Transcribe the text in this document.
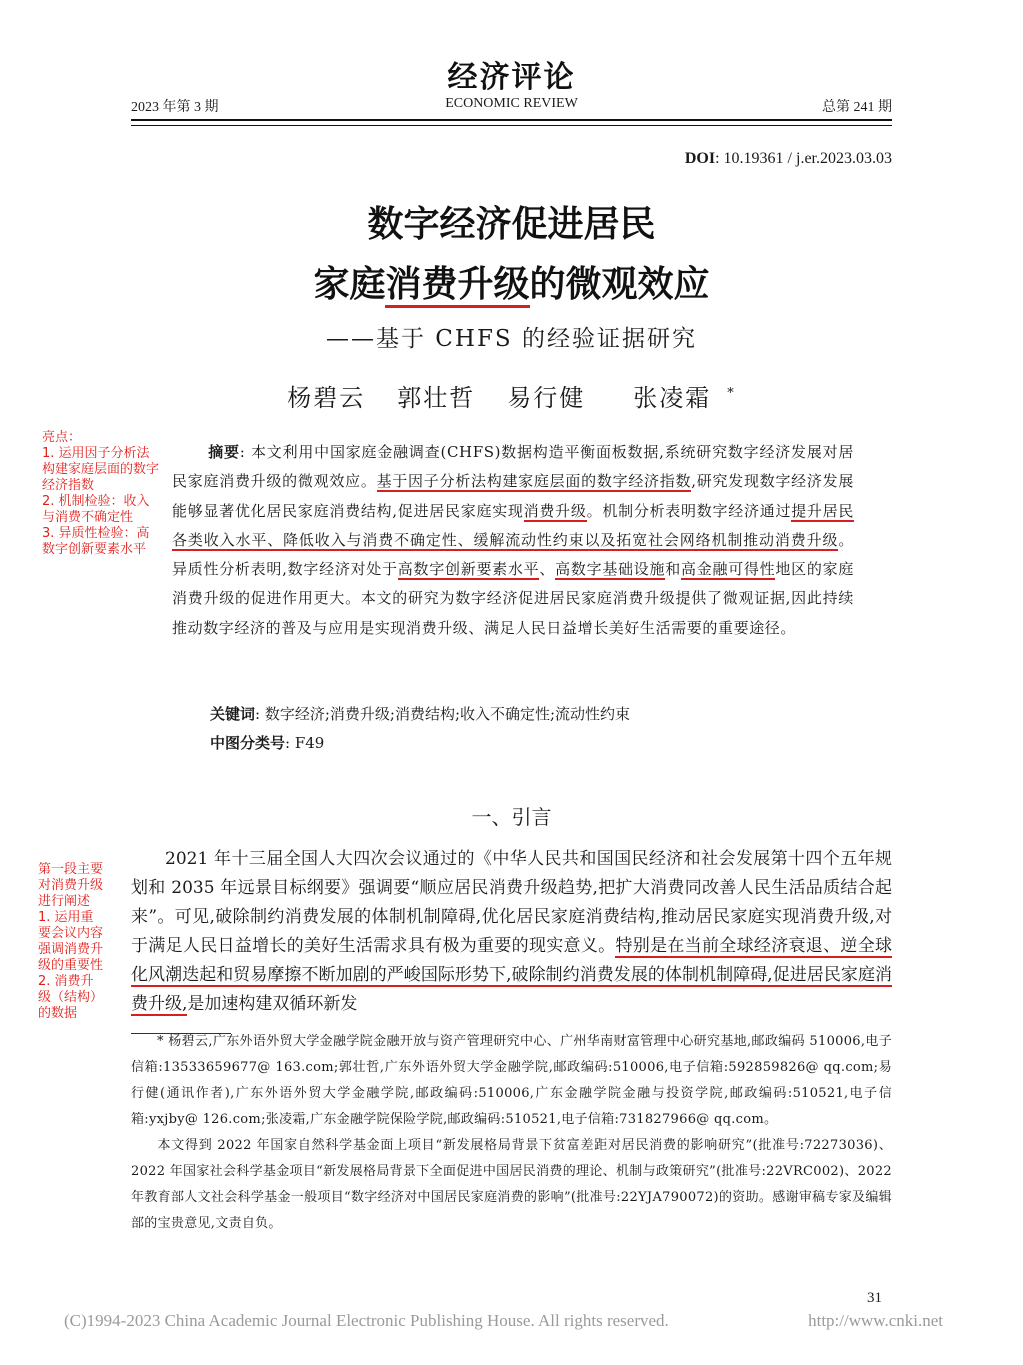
经济评论
2023 年第 3 期	ECONOMIC REVIEW	总第 241 期
DOI: 10.19361 / j.er.2023.03.03
数字经济促进居民
家庭消费升级的微观效应
——基于 CHFS 的经验证据研究
杨碧云 郭壮哲 易行健 张凌霜 *
亮点：
1. 运用因子分析法构建家庭层面的数字经济指数
2. 机制检验：收入与消费不确定性
3. 异质性检验：高数字创新要素水平
第一段主要对消费升级进行阐述
1. 运用重要会议内容强调消费升级的重要性
2. 消费升级（结构）的数据
摘要: 本文利用中国家庭金融调查(CHFS)数据构造平衡面板数据,系统研究数字经济发展对居民家庭消费升级的微观效应。基于因子分析法构建家庭层面的数字经济指数,研究发现数字经济发展能够显著优化居民家庭消费结构,促进居民家庭实现消费升级。机制分析表明数字经济通过提升居民各类收入水平、降低收入与消费不确定性、缓解流动性约束以及拓宽社会网络机制推动消费升级。异质性分析表明,数字经济对处于高数字创新要素水平、高数字基础设施和高金融可得性地区的家庭消费升级的促进作用更大。本文的研究为数字经济促进居民家庭消费升级提供了微观证据,因此持续推动数字经济的普及与应用是实现消费升级、满足人民日益增长美好生活需要的重要途径。
关键词: 数字经济;消费升级;消费结构;收入不确定性;流动性约束
中图分类号: F49
一、引言
2021 年十三届全国人大四次会议通过的《中华人民共和国国民经济和社会发展第十四个五年规划和 2035 年远景目标纲要》强调要“顺应居民消费升级趋势,把扩大消费同改善人民生活品质结合起来”。可见,破除制约消费发展的体制机制障碍,优化居民家庭消费结构,推动居民家庭实现消费升级,对于满足人民日益增长的美好生活需求具有极为重要的现实意义。特别是在当前全球经济衰退、逆全球化风潮迭起和贸易摩擦不断加剧的严峻国际形势下,破除制约消费发展的体制机制障碍,促进居民家庭消费升级,是加速构建双循环新发

* 杨碧云,广东外语外贸大学金融学院金融开放与资产管理研究中心、广州华南财富管理中心研究基地,邮政编码 510006,电子信箱:13533659677@ 163.com;郭壮哲,广东外语外贸大学金融学院,邮政编码:510006,电子信箱:592859826@ qq.com;易行健(通讯作者),广东外语外贸大学金融学院,邮政编码:510006,广东金融学院金融与投资学院,邮政编码:510521,电子信箱:yxjby@ 126.com;张凌霜,广东金融学院保险学院,邮政编码:510521,电子信箱:731827966@ qq.com。

本文得到 2022 年国家自然科学基金面上项目“新发展格局背景下贫富差距对居民消费的影响研究”(批准号:72273036)、2022 年国家社会科学基金项目“新发展格局背景下全面促进中国居民消费的理论、机制与政策研究”(批准号:22VRC002)、2022 年教育部人文社会科学基金一般项目“数字经济对中国居民家庭消费的影响”(批准号:22YJA790072)的资助。感谢审稿专家及编辑部的宝贵意见,文责自负。

31
(C)1994-2023 China Academic Journal Electronic Publishing House. All rights reserved.	http://www.cnki.net
